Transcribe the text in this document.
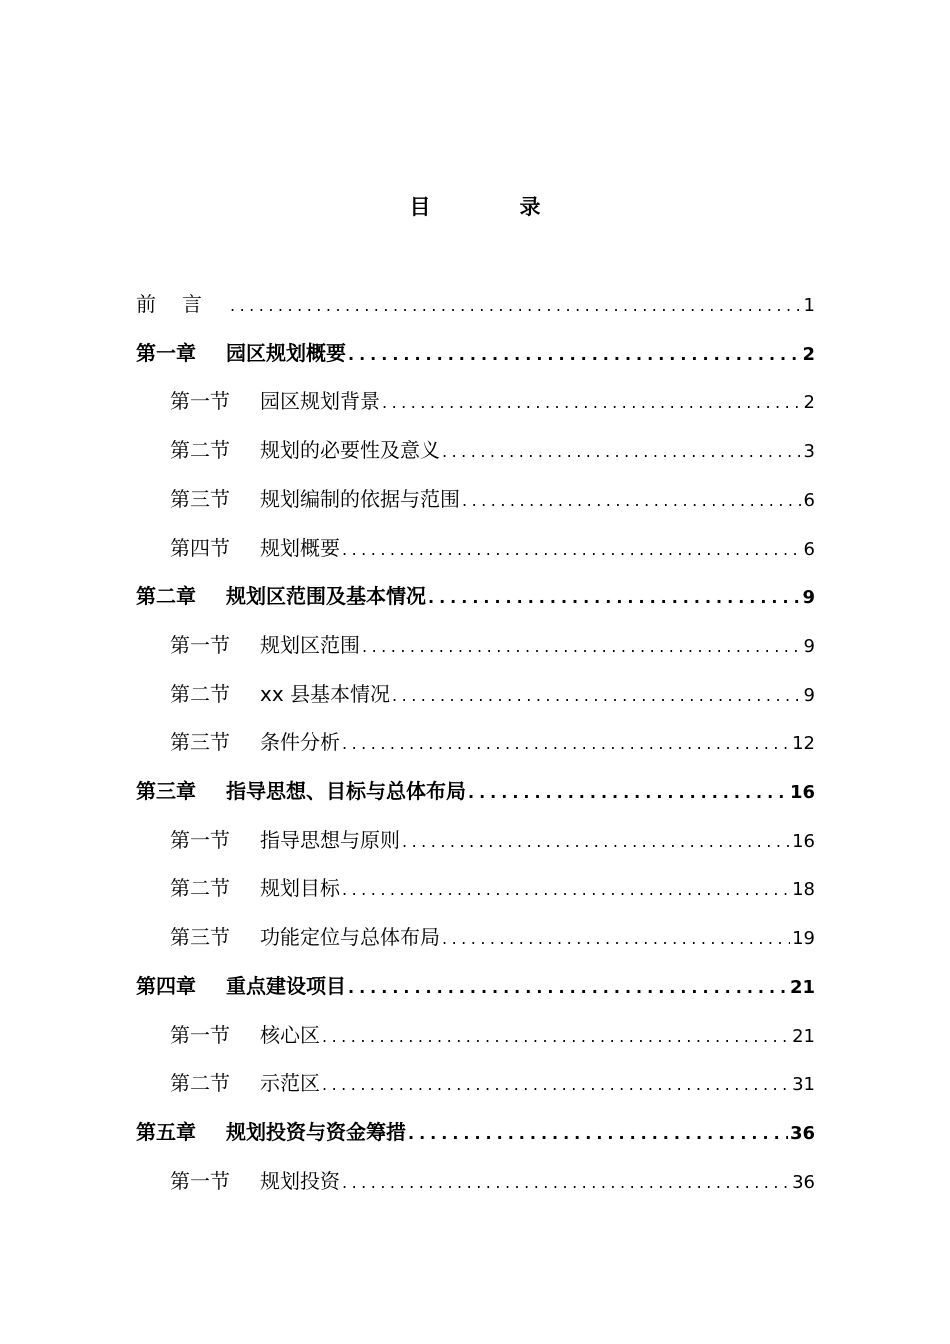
目　录
前言 .....	1
第一章 园区规划概要 .....	2
第一节 园区规划背景 .....	2
第二节 规划的必要性及意义 .....	3
第三节 规划编制的依据与范围 .....	6
第四节 规划概要 .....	6
第二章 规划区范围及基本情况 .....	9
第一节 规划区范围 .....	9
第二节 xx 县基本情况 .....	9
第三节 条件分析 .....	12
第三章 指导思想、目标与总体布局 .....	16
第一节 指导思想与原则 .....	16
第二节 规划目标 .....	18
第三节 功能定位与总体布局 .....	19
第四章 重点建设项目 .....	21
第一节 核心区 .....	21
第二节 示范区 .....	31
第五章 规划投资与资金筹措 .....	36
第一节 规划投资 .....	36
